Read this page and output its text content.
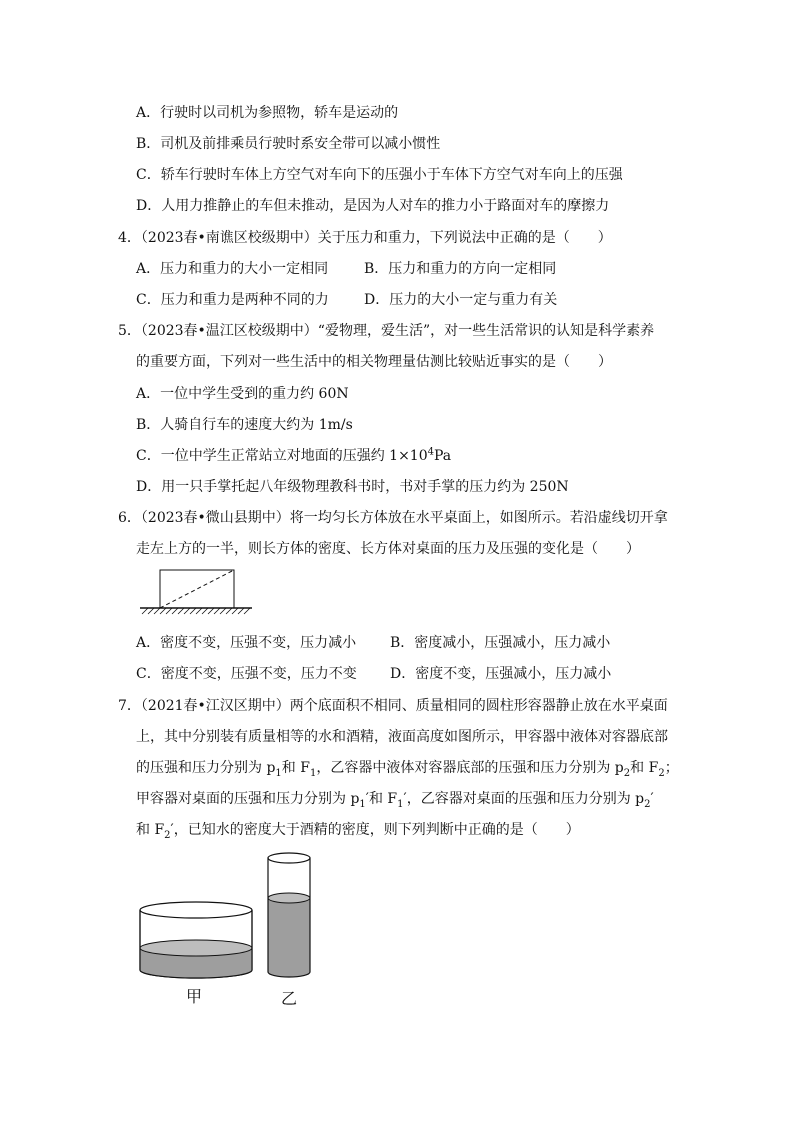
A．行驶时以司机为参照物，轿车是运动的
B．司机及前排乘员行驶时系安全带可以减小惯性
C．轿车行驶时车体上方空气对车向下的压强小于车体下方空气对车向上的压强
D．人用力推静止的车但未推动，是因为人对车的推力小于路面对车的摩擦力
4．（2023春•南谯区校级期中）关于压力和重力，下列说法中正确的是（　　）
A．压力和重力的大小一定相同	B．压力和重力的方向一定相同
C．压力和重力是两种不同的力	D．压力的大小一定与重力有关
5．（2023春•温江区校级期中）“爱物理，爱生活”，对一些生活常识的认知是科学素养
的重要方面，下列对一些生活中的相关物理量估测比较贴近事实的是（　　）
A．一位中学生受到的重力约 60N
B．人骑自行车的速度大约为 1m/s
C．一位中学生正常站立对地面的压强约 $1\times 10^4Pa$
D．用一只手掌托起八年级物理教科书时，书对手掌的压力约为 250N
6．（2023春•微山县期中）将一均匀长方体放在水平桌面上，如图所示。若沿虚线切开拿
走左上方的一半，则长方体的密度、长方体对桌面的压力及压强的变化是（　　）
A．密度不变，压强不变，压力减小 B．密度减小，压强减小，压力减小
C．密度不变，压强不变，压力不变 D．密度不变，压强减小，压力减小
7．（2021春•江汉区期中）两个底面积不相同、质量相同的圆柱形容器静止放在水平桌面
上，其中分别装有质量相等的水和酒精，液面高度如图所示，甲容器中液体对容器底部
的压强和压力分别为 $p_1$和 $F_1$，乙容器中液体对容器底部的压强和压力分别为 $p_2$和 $F_2$；
甲容器对桌面的压强和压力分别为 $p_1'$和 $F_1'$，乙容器对桌面的压强和压力分别为 $p_2'$
和 $F_2'$，已知水的密度大于酒精的密度，则下列判断中正确的是（　　）
甲	乙
